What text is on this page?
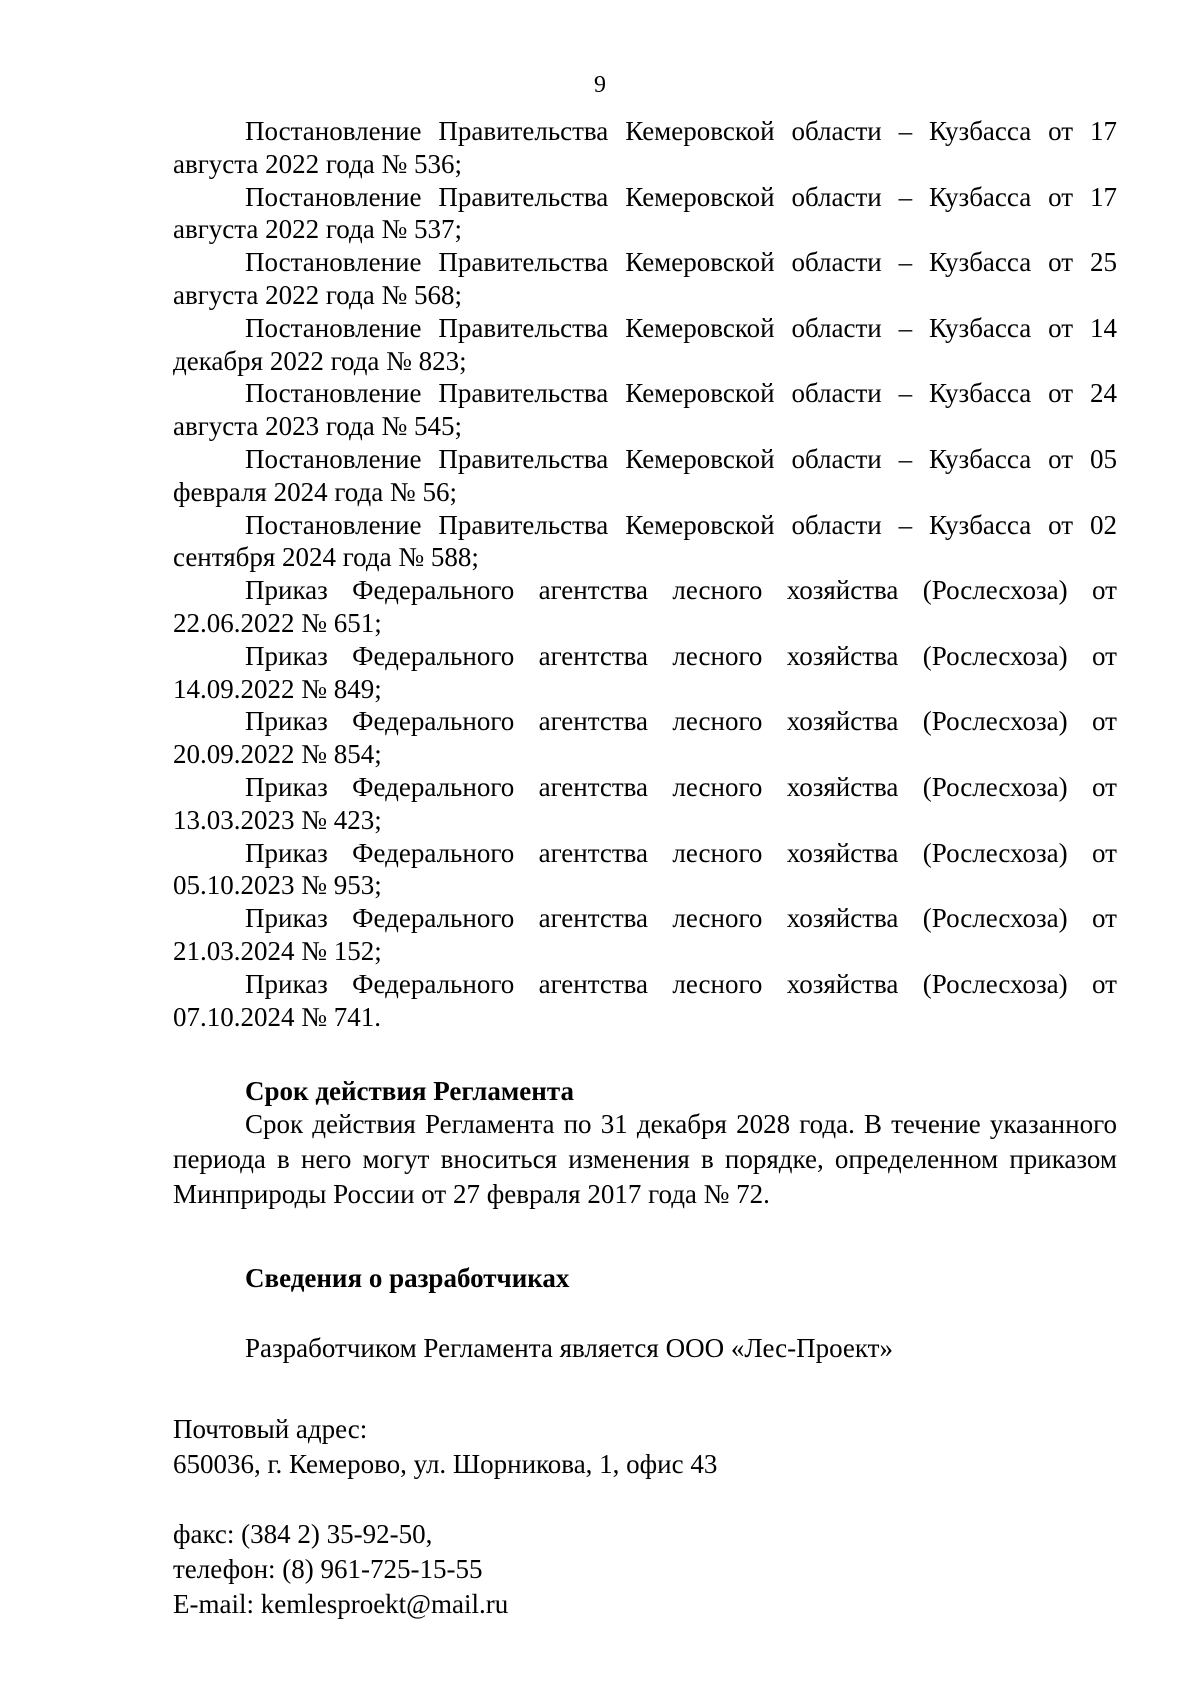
9

Постановление Правительства Кемеровской области – Кузбасса от 17 августа 2022 года № 536;

Постановление Правительства Кемеровской области – Кузбасса от 17 августа 2022 года № 537;

Постановление Правительства Кемеровской области – Кузбасса от 25 августа 2022 года № 568;

Постановление Правительства Кемеровской области – Кузбасса от 14 декабря 2022 года № 823;

Постановление Правительства Кемеровской области – Кузбасса от 24 августа 2023 года № 545;

Постановление Правительства Кемеровской области – Кузбасса от 05 февраля 2024 года № 56;

Постановление Правительства Кемеровской области – Кузбасса от 02 сентября 2024 года № 588;

Приказ Федерального агентства лесного хозяйства (Рослесхоза) от 22.06.2022 № 651;

Приказ Федерального агентства лесного хозяйства (Рослесхоза) от 14.09.2022 № 849;

Приказ Федерального агентства лесного хозяйства (Рослесхоза) от 20.09.2022 № 854;

Приказ Федерального агентства лесного хозяйства (Рослесхоза) от 13.03.2023 № 423;

Приказ Федерального агентства лесного хозяйства (Рослесхоза) от 05.10.2023 № 953;

Приказ Федерального агентства лесного хозяйства (Рослесхоза) от 21.03.2024 № 152;

Приказ Федерального агентства лесного хозяйства (Рослесхоза) от 07.10.2024 № 741.

Срок действия Регламента

Срок действия Регламента по 31 декабря 2028 года. В течение указанного периода в него могут вноситься изменения в порядке, определенном приказом Минприроды России от 27 февраля 2017 года № 72.

Сведения о разработчиках

Разработчиком Регламента является ООО «Лес-Проект»

Почтовый адрес:
650036, г. Кемерово, ул. Шорникова, 1, офис 43

факс: (384 2) 35-92-50,
телефон: (8) 961-725-15-55
E-mail: kemlesproekt@mail.ru
